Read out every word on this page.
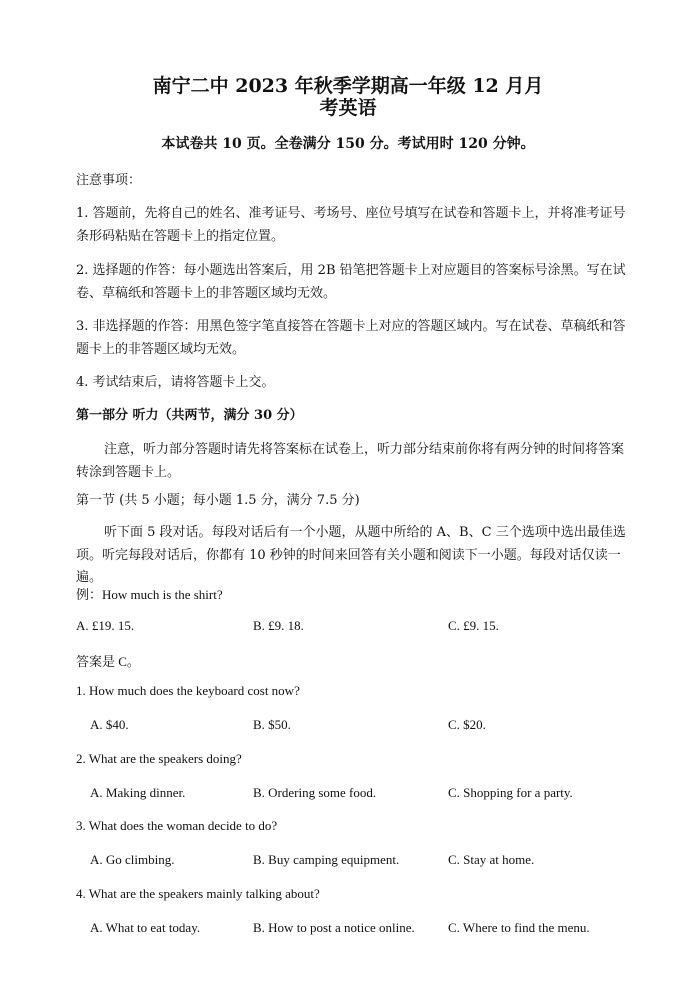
南宁二中 2023 年秋季学期高一年级 12 月月
考英语
本试卷共 10 页。全卷满分 150 分。考试用时 120 分钟。

注意事项：

1. 答题前，先将自己的姓名、准考证号、考场号、座位号填写在试卷和答题卡上，并将准考证号条形码粘贴在答题卡上的指定位置。

2. 选择题的作答：每小题选出答案后，用 2B 铅笔把答题卡上对应题目的答案标号涂黑。写在试卷、草稿纸和答题卡上的非答题区域均无效。

3. 非选择题的作答：用黑色签字笔直接答在答题卡上对应的答题区域内。写在试卷、草稿纸和答题卡上的非答题区域均无效。

4. 考试结束后，请将答题卡上交。

第一部分 听力（共两节，满分 30 分）

注意，听力部分答题时请先将答案标在试卷上，听力部分结束前你将有两分钟的时间将答案转涂到答题卡上。

第一节 (共 5 小题；每小题 1.5 分，满分 7.5 分)

听下面 5 段对话。每段对话后有一个小题，从题中所给的 A、B、C 三个选项中选出最佳选项。听完每段对话后，你都有 10 秒钟的时间来回答有关小题和阅读下一小题。每段对话仅读一遍。

例：How much is the shirt?
A. £19. 15.	B. £9. 18.	C. £9. 15.
答案是 C。
1. How much does the keyboard cost now?
A. $40.	B. $50.	C. $20.
2. What are the speakers doing?
A. Making dinner.	B. Ordering some food.	C. Shopping for a party.
3. What does the woman decide to do?
A. Go climbing.	B. Buy camping equipment.	C. Stay at home.
4. What are the speakers mainly talking about?
A. What to eat today.	B. How to post a notice online.	C. Where to find the menu.
